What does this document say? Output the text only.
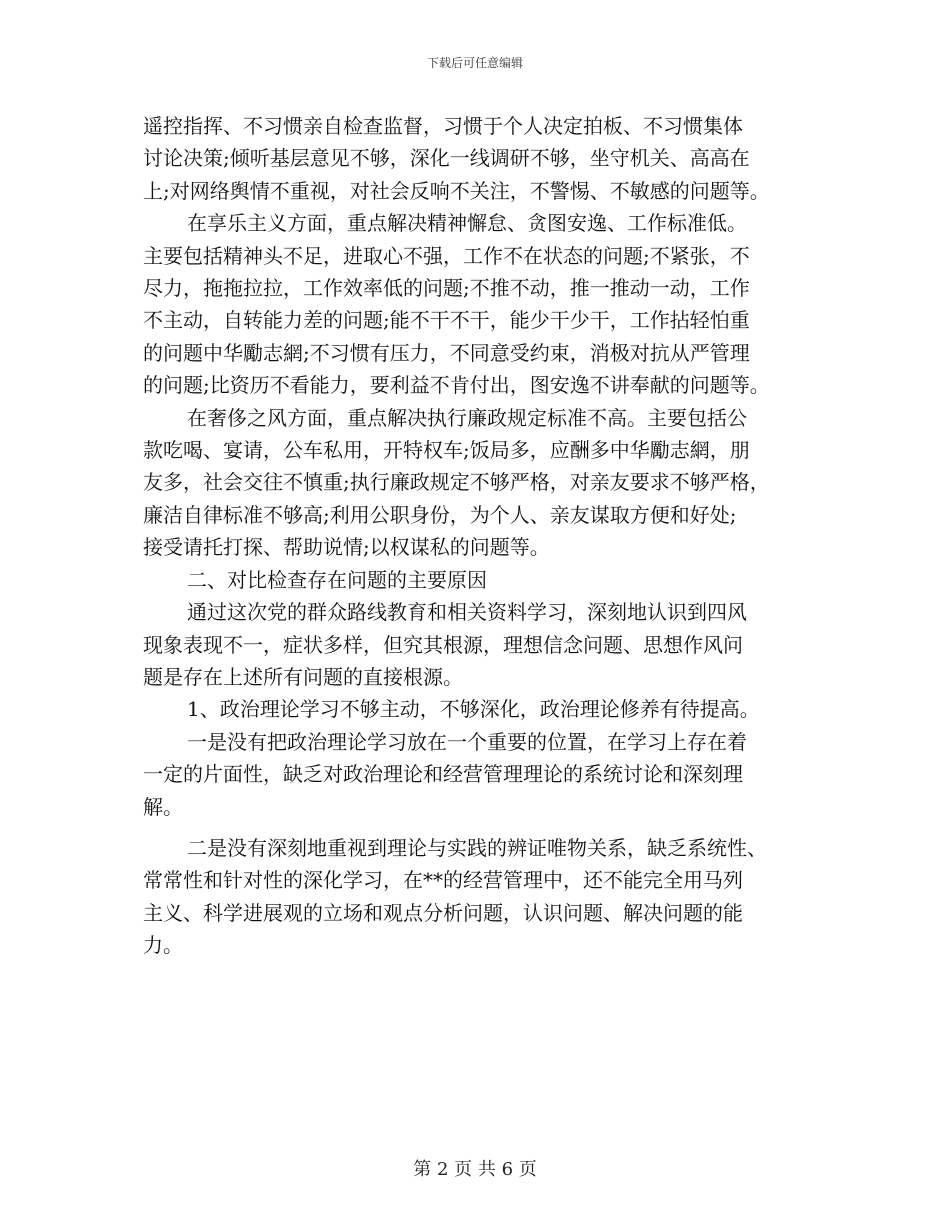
下载后可任意编辑

遥控指挥、不习惯亲自检查监督，习惯于个人决定拍板、不习惯集体

讨论决策;倾听基层意见不够，深化一线调研不够，坐守机关、高高在

上;对网络舆情不重视，对社会反响不关注，不警惕、不敏感的问题等。

在享乐主义方面，重点解决精神懈怠、贪图安逸、工作标准低。

主要包括精神头不足，进取心不强，工作不在状态的问题;不紧张，不

尽力，拖拖拉拉，工作效率低的问题;不推不动，推一推动一动，工作

不主动，自转能力差的问题;能不干不干，能少干少干，工作拈轻怕重

的问题中华勵志網;不习惯有压力，不同意受约束，消极对抗从严管理

的问题;比资历不看能力，要利益不肯付出，图安逸不讲奉献的问题等。

在奢侈之风方面，重点解决执行廉政规定标准不高。主要包括公

款吃喝、宴请，公车私用，开特权车;饭局多，应酬多中华勵志網，朋

友多，社会交往不慎重;执行廉政规定不够严格，对亲友要求不够严格，

廉洁自律标准不够高;利用公职身份，为个人、亲友谋取方便和好处;

接受请托打探、帮助说情;以权谋私的问题等。

二、对比检查存在问题的主要原因

通过这次党的群众路线教育和相关资料学习，深刻地认识到四风

现象表现不一，症状多样，但究其根源，理想信念问题、思想作风问

题是存在上述所有问题的直接根源。

1、政治理论学习不够主动，不够深化，政治理论修养有待提高。

一是没有把政治理论学习放在一个重要的位置，在学习上存在着

一定的片面性，缺乏对政治理论和经营管理理论的系统讨论和深刻理

解。

二是没有深刻地重视到理论与实践的辨证唯物关系，缺乏系统性、

常常性和针对性的深化学习，在**的经营管理中，还不能完全用马列

主义、科学进展观的立场和观点分析问题，认识问题、解决问题的能

力。

第 2 页 共 6 页
